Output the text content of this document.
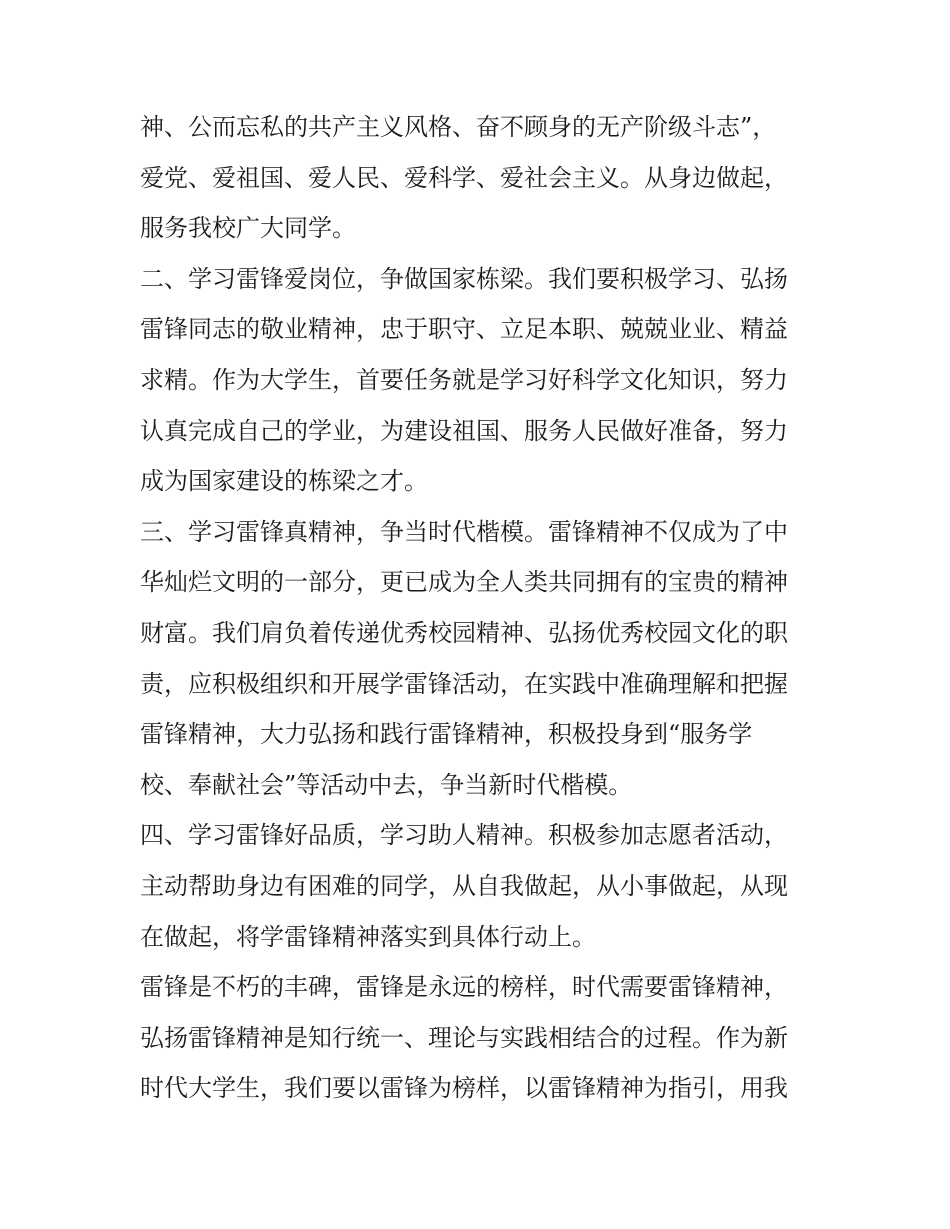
神、公而忘私的共产主义风格、奋不顾身的无产阶级斗志”，
爱党、爱祖国、爱人民、爱科学、爱社会主义。从身边做起，
服务我校广大同学。
二、学习雷锋爱岗位，争做国家栋梁。我们要积极学习、弘扬
雷锋同志的敬业精神，忠于职守、立足本职、兢兢业业、精益
求精。作为大学生，首要任务就是学习好科学文化知识，努力
认真完成自己的学业，为建设祖国、服务人民做好准备，努力
成为国家建设的栋梁之才。
三、学习雷锋真精神，争当时代楷模。雷锋精神不仅成为了中
华灿烂文明的一部分，更已成为全人类共同拥有的宝贵的精神
财富。我们肩负着传递优秀校园精神、弘扬优秀校园文化的职
责，应积极组织和开展学雷锋活动，在实践中准确理解和把握
雷锋精神，大力弘扬和践行雷锋精神，积极投身到“服务学
校、奉献社会”等活动中去，争当新时代楷模。
四、学习雷锋好品质，学习助人精神。积极参加志愿者活动，
主动帮助身边有困难的同学，从自我做起，从小事做起，从现
在做起，将学雷锋精神落实到具体行动上。
雷锋是不朽的丰碑，雷锋是永远的榜样，时代需要雷锋精神，
弘扬雷锋精神是知行统一、理论与实践相结合的过程。作为新
时代大学生，我们要以雷锋为榜样，以雷锋精神为指引，用我
